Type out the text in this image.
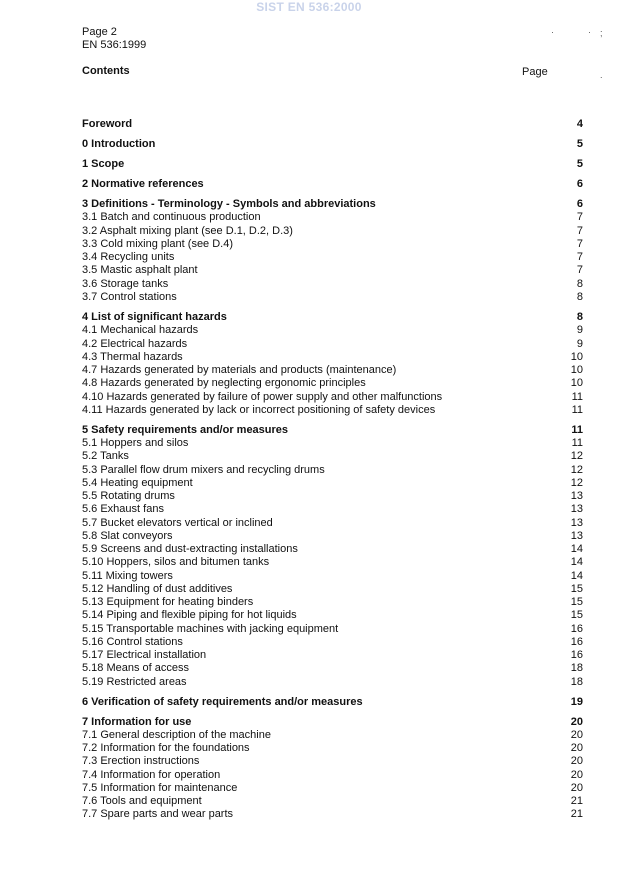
SIST EN 536:2000
Page 2
EN 536:1999
·	· ;
.
Contents	Page
Foreword	4
0 Introduction	5
1 Scope	5
2 Normative references	6
3 Definitions - Terminology - Symbols and abbreviations	6
3.1 Batch and continuous production	7
3.2 Asphalt mixing plant (see D.1, D.2, D.3)	7
3.3 Cold mixing plant (see D.4)	7
3.4 Recycling units	7
3.5 Mastic asphalt plant	7
3.6 Storage tanks	8
3.7 Control stations	8
4 List of significant hazards	8
4.1 Mechanical hazards	9
4.2 Electrical hazards	9
4.3 Thermal hazards	10
4.7 Hazards generated by materials and products (maintenance)	10
4.8 Hazards generated by neglecting ergonomic principles	10
4.10 Hazards generated by failure of power supply and other malfunctions	11
4.11 Hazards generated by lack or incorrect positioning of safety devices	11
5 Safety requirements and/or measures	11
5.1 Hoppers and silos	11
5.2 Tanks	12
5.3 Parallel flow drum mixers and recycling drums	12
5.4 Heating equipment	12
5.5 Rotating drums	13
5.6 Exhaust fans	13
5.7 Bucket elevators vertical or inclined	13
5.8 Slat conveyors	13
5.9 Screens and dust-extracting installations	14
5.10 Hoppers, silos and bitumen tanks	14
5.11 Mixing towers	14
5.12 Handling of dust additives	15
5.13 Equipment for heating binders	15
5.14 Piping and flexible piping for hot liquids	15
5.15 Transportable machines with jacking equipment	16
5.16 Control stations	16
5.17 Electrical installation	16
5.18 Means of access	18
5.19 Restricted areas	18
6 Verification of safety requirements and/or measures	19
7 Information for use	20
7.1 General description of the machine	20
7.2 Information for the foundations	20
7.3 Erection instructions	20
7.4 Information for operation	20
7.5 Information for maintenance	20
7.6 Tools and equipment	21
7.7 Spare parts and wear parts	21
